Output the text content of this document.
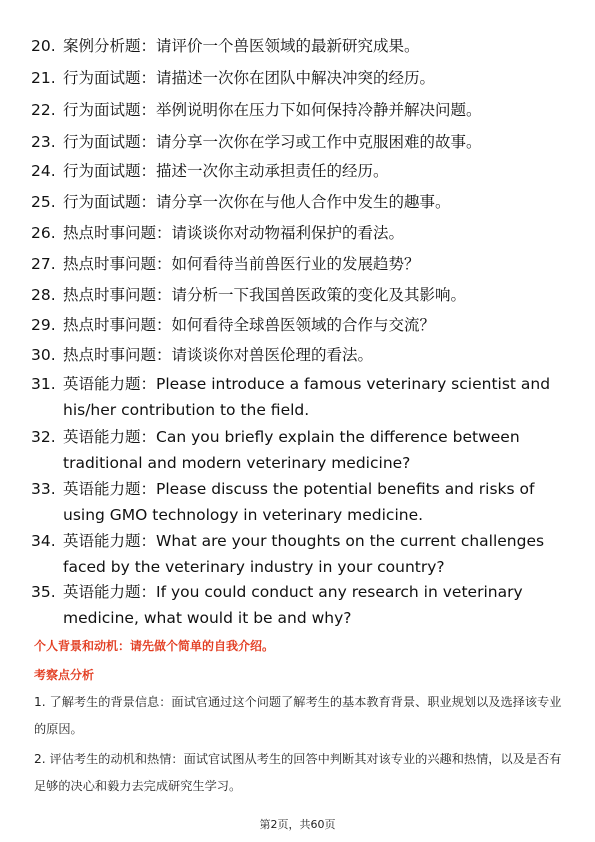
20. 案例分析题：请评价一个兽医领域的最新研究成果。
21. 行为面试题：请描述一次你在团队中解决冲突的经历。
22. 行为面试题：举例说明你在压力下如何保持冷静并解决问题。
23. 行为面试题：请分享一次你在学习或工作中克服困难的故事。
24. 行为面试题：描述一次你主动承担责任的经历。
25. 行为面试题：请分享一次你在与他人合作中发生的趣事。
26. 热点时事问题：请谈谈你对动物福利保护的看法。
27. 热点时事问题：如何看待当前兽医行业的发展趋势？
28. 热点时事问题：请分析一下我国兽医政策的变化及其影响。
29. 热点时事问题：如何看待全球兽医领域的合作与交流？
30. 热点时事问题：请谈谈你对兽医伦理的看法。
31. 英语能力题：Please introduce a famous veterinary scientist and his/her contribution to the field.
32. 英语能力题：Can you briefly explain the difference between traditional and modern veterinary medicine?
33. 英语能力题：Please discuss the potential benefits and risks of using GMO technology in veterinary medicine.
34. 英语能力题：What are your thoughts on the current challenges faced by the veterinary industry in your country?
35. 英语能力题：If you could conduct any research in veterinary medicine, what would it be and why?
个人背景和动机：请先做个简单的自我介绍。
考察点分析
1. 了解考生的背景信息：面试官通过这个问题了解考生的基本教育背景、职业规划以及选择该专业的原因。
2. 评估考生的动机和热情：面试官试图从考生的回答中判断其对该专业的兴趣和热情，以及是否有足够的决心和毅力去完成研究生学习。
第2页，共60页
